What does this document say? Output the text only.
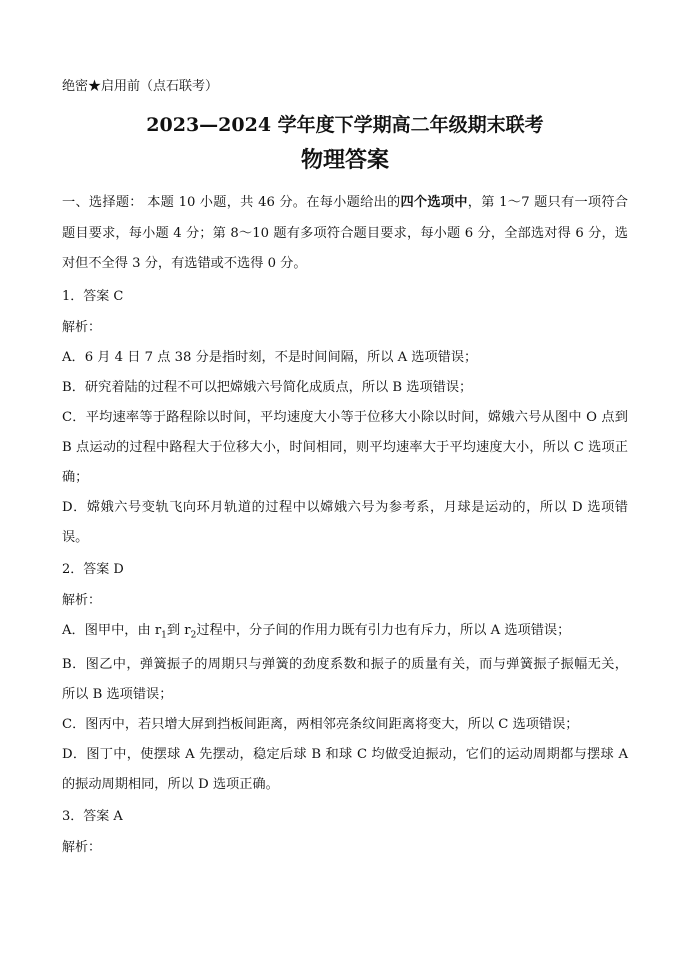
绝密★启用前（点石联考）

2023—2024 学年度下学期高二年级期末联考

物理答案

一、选择题： 本题 10 小题，共 46 分。在每小题给出的四个选项中，第 1～7 题只有一项符合题目要求，每小题 4 分；第 8～10 题有多项符合题目要求，每小题 6 分，全部选对得 6 分，选对但不全得 3 分，有选错或不选得 0 分。

1．答案 C

解析：

A．6 月 4 日 7 点 38 分是指时刻，不是时间间隔，所以 A 选项错误；

B．研究着陆的过程不可以把嫦娥六号简化成质点，所以 B 选项错误；

C．平均速率等于路程除以时间，平均速度大小等于位移大小除以时间，嫦娥六号从图中 O 点到 B 点运动的过程中路程大于位移大小，时间相同，则平均速率大于平均速度大小，所以 C 选项正确；

D．嫦娥六号变轨飞向环月轨道的过程中以嫦娥六号为参考系，月球是运动的，所以 D 选项错误。

2．答案 D

解析：

A．图甲中，由 $r_1$到 $r_2$过程中，分子间的作用力既有引力也有斥力，所以 A 选项错误；

B．图乙中，弹簧振子的周期只与弹簧的劲度系数和振子的质量有关，而与弹簧振子振幅无关， 所以 B 选项错误；

C．图丙中，若只增大屏到挡板间距离，两相邻亮条纹间距离将变大，所以 C 选项错误；

D．图丁中，使摆球 A 先摆动，稳定后球 B 和球 C 均做受迫振动，它们的运动周期都与摆球 A 的振动周期相同，所以 D 选项正确。

3．答案 A

解析：
